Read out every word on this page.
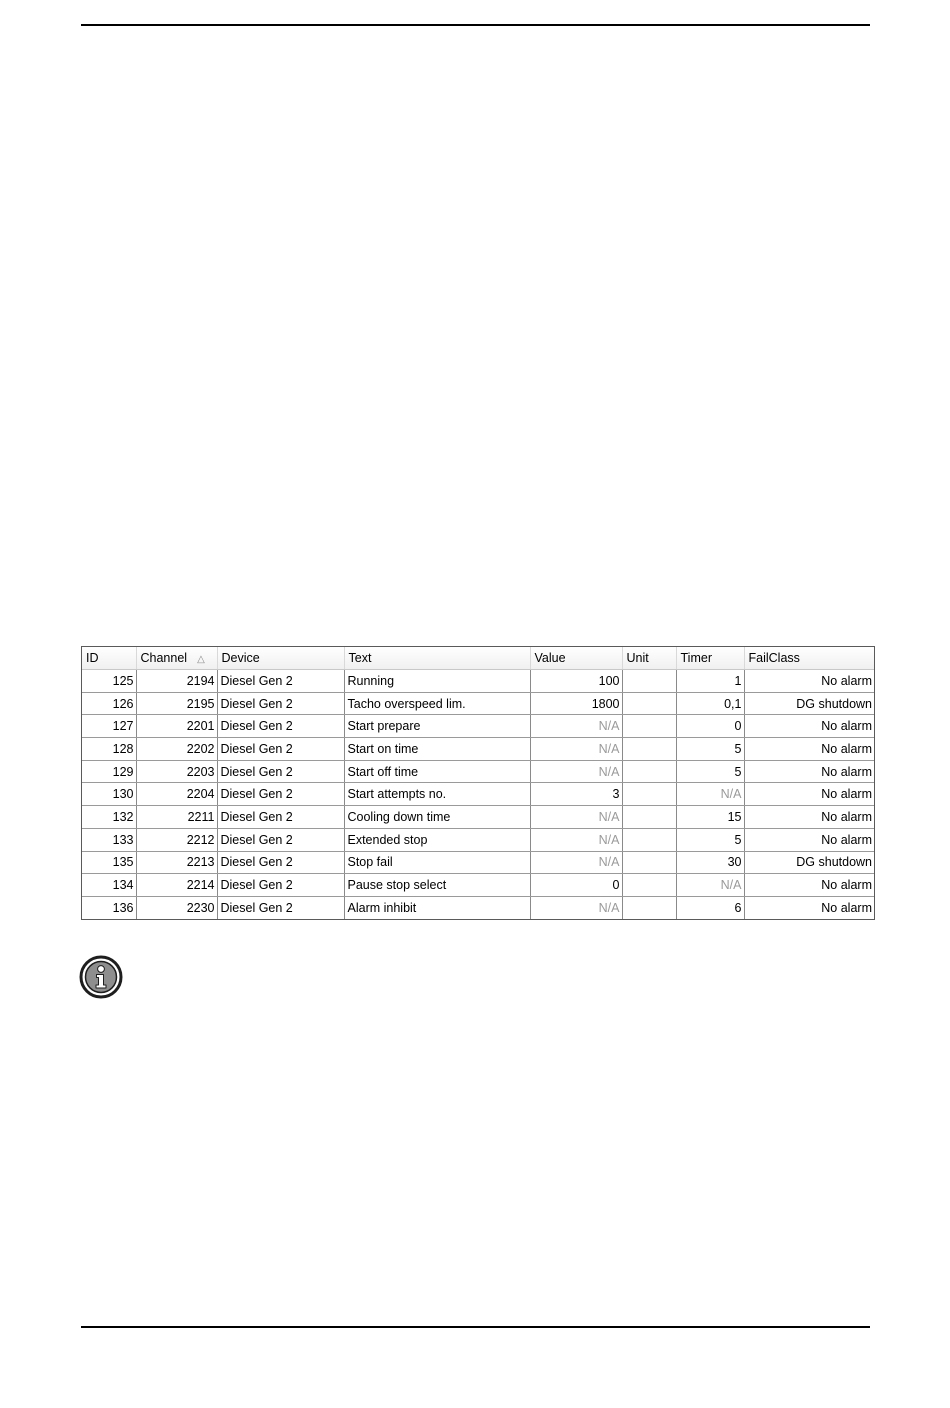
ID	Channel △	Device	Text	Value	Unit	Timer	FailClass
125	2194	Diesel Gen 2	Running	100		1	No alarm
126	2195	Diesel Gen 2	Tacho overspeed lim.	1800		0,1	DG shutdown
127	2201	Diesel Gen 2	Start prepare	N/A		0	No alarm
128	2202	Diesel Gen 2	Start on time	N/A		5	No alarm
129	2203	Diesel Gen 2	Start off time	N/A		5	No alarm
130	2204	Diesel Gen 2	Start attempts no.	3		N/A	No alarm
132	2211	Diesel Gen 2	Cooling down time	N/A		15	No alarm
133	2212	Diesel Gen 2	Extended stop	N/A		5	No alarm
135	2213	Diesel Gen 2	Stop fail	N/A		30	DG shutdown
134	2214	Diesel Gen 2	Pause stop select	0		N/A	No alarm
136	2230	Diesel Gen 2	Alarm inhibit	N/A		6	No alarm
